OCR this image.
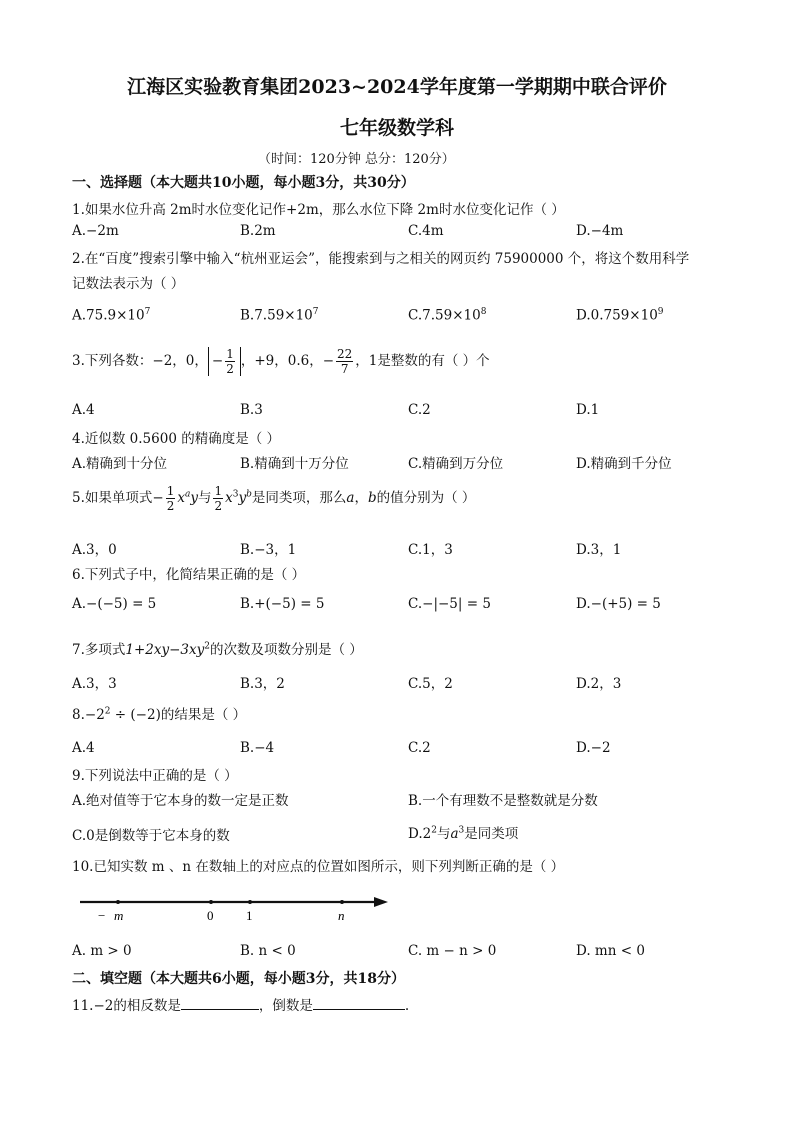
江海区实验教育集团2023~2024学年度第一学期期中联合评价
七年级数学科
（时间：120分钟 总分：120分）
一、选择题（本大题共10小题，每小题3分，共30分）
1.如果水位升高 2m时水位变化记作+2m，那么水位下降 2m时水位变化记作（ ）
A.−2m	B.2m	C.4m	D.−4m
2.在“百度”搜索引擎中输入“杭州亚运会”，能搜索到与之相关的网页约 75900000 个，将这个数用科学
记数法表示为（ ）
$A.75.9\times 10^7$	$B.7.59\times 10^7$	$C.7.59\times 10^8$	$D.0.759\times 10^9$
3.下列各数：−2，0， − $\frac{1}{2}$ ，+9，0.6，− $\frac{22}{7}$ ，1是整数的有（ ）个
A.4	B.3	C.2	D.1
4.近似数 0.5600 的精确度是（ ）
A.精确到十分位	B.精确到十万分位	C.精确到万分位	D.精确到千分位
5.如果单项式− $\frac{1}{2} x^ay$与 $\frac{1}{2} x^3y^b$是同类项，那么a，b的值分别为（ ）
A.3，0	B.−3，1	C.1，3	D.3，1
6.下列式子中，化简结果正确的是（ ）
A.−(−5) = 5	B.+(−5) = 5	C.−|−5| = 5	D.−(+5) = 5
7.多项式$1+2xy-3xy^2$的次数及项数分别是（ ）
A.3，3	B.3，2	C.5，2	D.2，3
$8.-2^2 \div (-2)$的结果是（ ）
A.4	B.−4	C.2	D.−2
9.下列说法中正确的是（ ）
A.绝对值等于它本身的数一定是正数	B.一个有理数不是整数就是分数
C.0是倒数等于它本身的数	$D.2^2$与$a^3$是同类项
10.已知实数 m 、n 在数轴上的对应点的位置如图所示，则下列判断正确的是（ ）
− m	0	1	n
A. m > 0	B. n < 0	C. m − n > 0	D. mn < 0
二、填空题（本大题共6小题，每小题3分，共18分）
11.−2的相反数是	，倒数是	.
